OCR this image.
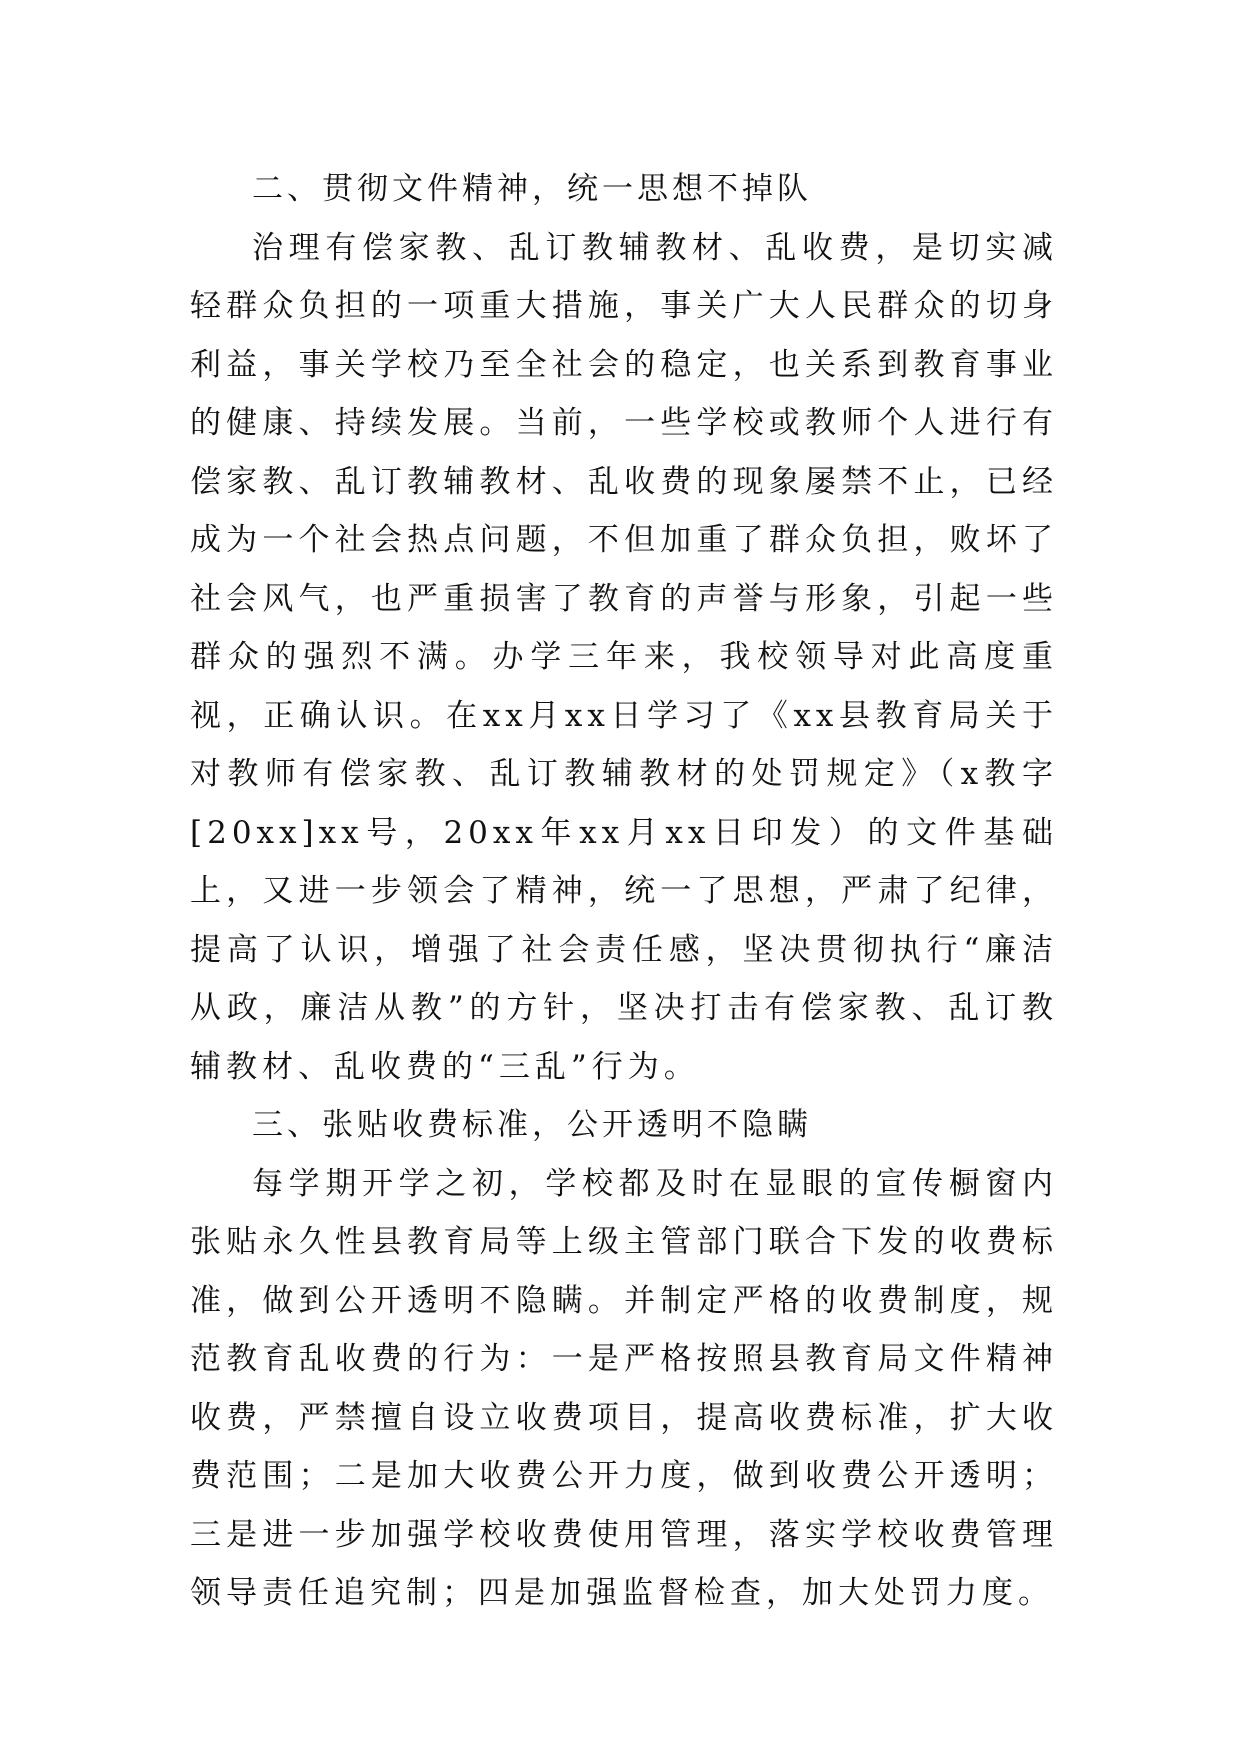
二、贯彻文件精神，统一思想不掉队

治理有偿家教、乱订教辅教材、乱收费，是切实减轻群众负担的一项重大措施，事关广大人民群众的切身利益，事关学校乃至全社会的稳定，也关系到教育事业的健康、持续发展。当前，一些学校或教师个人进行有偿家教、乱订教辅教材、乱收费的现象屡禁不止，已经成为一个社会热点问题，不但加重了群众负担，败坏了社会风气，也严重损害了教育的声誉与形象，引起一些群众的强烈不满。办学三年来，我校领导对此高度重视，正确认识。在xx月xx日学习了《xx县教育局关于对教师有偿家教、乱订教辅教材的处罚规定》（x教字[20xx]xx号，20xx年xx月xx日印发）的文件基础上，又进一步领会了精神，统一了思想，严肃了纪律，提高了认识，增强了社会责任感，坚决贯彻执行“廉洁从政，廉洁从教”的方针，坚决打击有偿家教、乱订教辅教材、乱收费的“三乱”行为。

三、张贴收费标准，公开透明不隐瞒

每学期开学之初，学校都及时在显眼的宣传橱窗内张贴永久性县教育局等上级主管部门联合下发的收费标准，做到公开透明不隐瞒。并制定严格的收费制度，规范教育乱收费的行为：一是严格按照县教育局文件精神收费，严禁擅自设立收费项目，提高收费标准，扩大收费范围；二是加大收费公开力度，做到收费公开透明；三是进一步加强学校收费使用管理，落实学校收费管理领导责任追究制；四是加强监督检查，加大处罚力度。
